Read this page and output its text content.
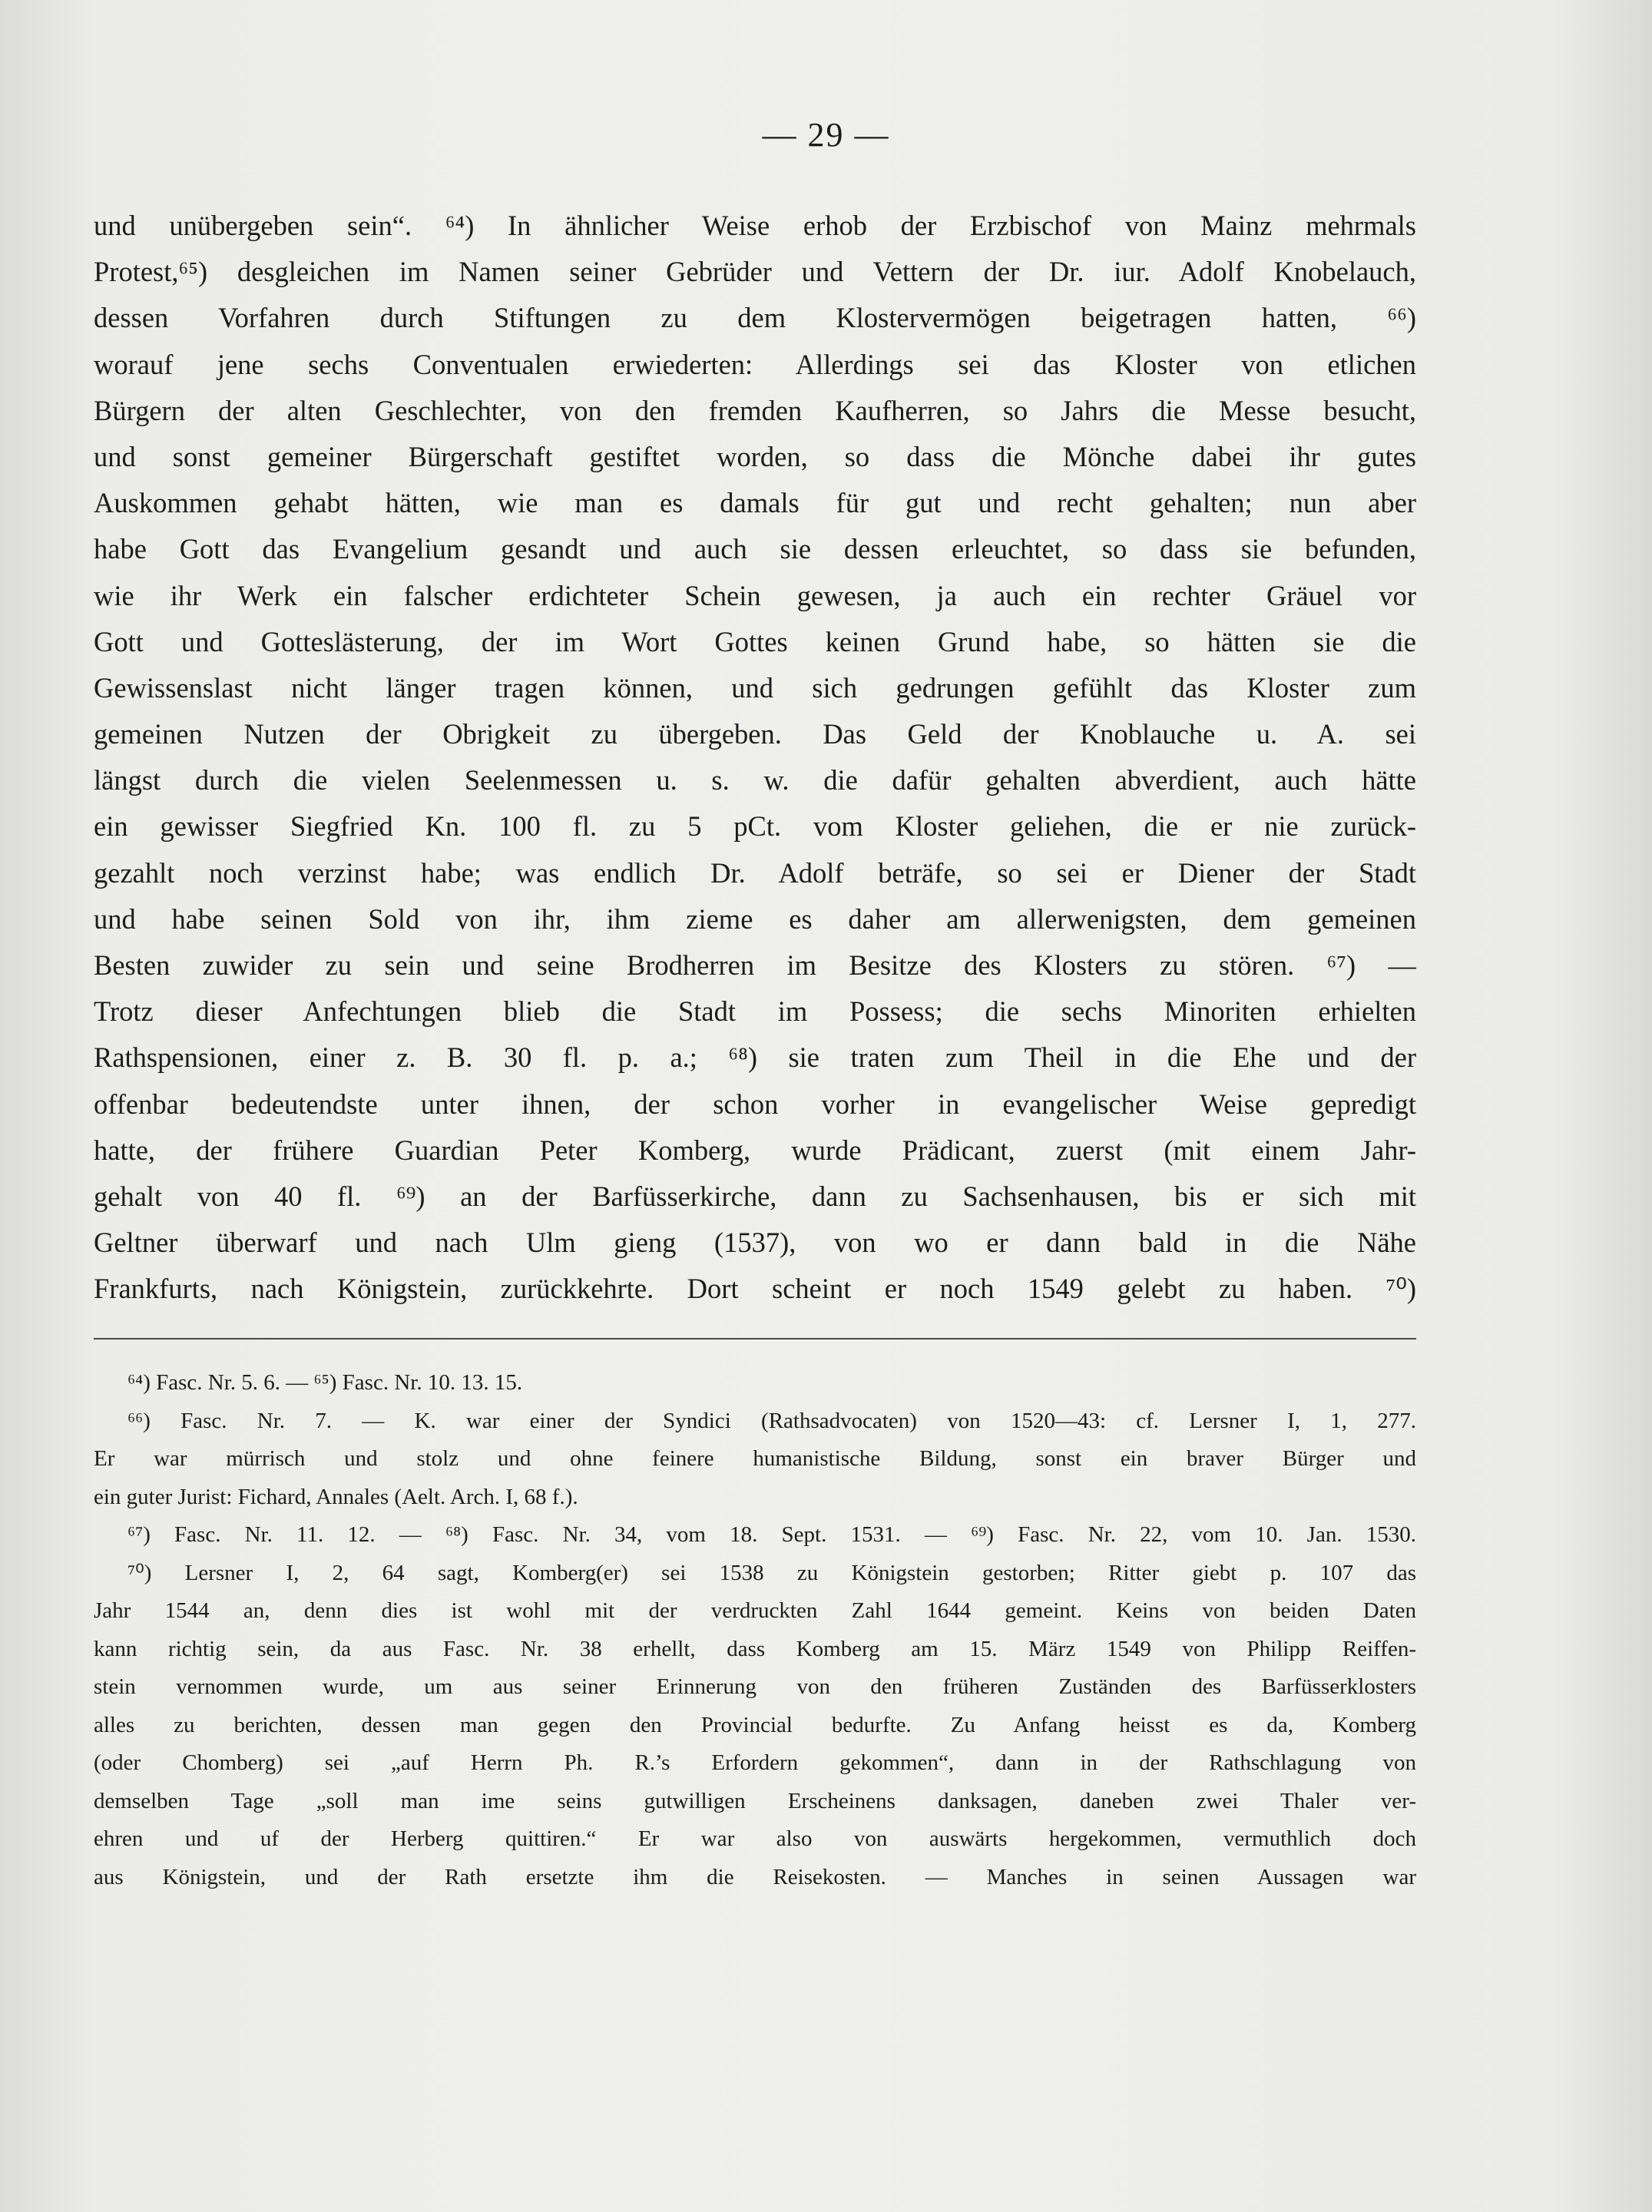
— 29 —
und unübergeben sein“. ⁶⁴) In ähnlicher Weise erhob der Erzbischof von Mainz mehrmals
Protest,⁶⁵) desgleichen im Namen seiner Gebrüder und Vettern der Dr. iur. Adolf Knobelauch,
dessen Vorfahren durch Stiftungen zu dem Klostervermögen beigetragen hatten, ⁶⁶)
worauf jene sechs Conventualen erwiederten: Allerdings sei das Kloster von etlichen
Bürgern der alten Geschlechter, von den fremden Kaufherren, so Jahrs die Messe besucht,
und sonst gemeiner Bürgerschaft gestiftet worden, so dass die Mönche dabei ihr gutes
Auskommen gehabt hätten, wie man es damals für gut und recht gehalten; nun aber
habe Gott das Evangelium gesandt und auch sie dessen erleuchtet, so dass sie befunden,
wie ihr Werk ein falscher erdichteter Schein gewesen, ja auch ein rechter Gräuel vor
Gott und Gotteslästerung, der im Wort Gottes keinen Grund habe, so hätten sie die
Gewissenslast nicht länger tragen können, und sich gedrungen gefühlt das Kloster zum
gemeinen Nutzen der Obrigkeit zu übergeben. Das Geld der Knoblauche u. A. sei
längst durch die vielen Seelenmessen u. s. w. die dafür gehalten abverdient, auch hätte
ein gewisser Siegfried Kn. 100 fl. zu 5 pCt. vom Kloster geliehen, die er nie zurück-
gezahlt noch verzinst habe; was endlich Dr. Adolf beträfe, so sei er Diener der Stadt
und habe seinen Sold von ihr, ihm zieme es daher am allerwenigsten, dem gemeinen
Besten zuwider zu sein und seine Brodherren im Besitze des Klosters zu stören. ⁶⁷) —
Trotz dieser Anfechtungen blieb die Stadt im Possess; die sechs Minoriten erhielten
Rathspensionen, einer z. B. 30 fl. p. a.; ⁶⁸) sie traten zum Theil in die Ehe und der
offenbar bedeutendste unter ihnen, der schon vorher in evangelischer Weise gepredigt
hatte, der frühere Guardian Peter Komberg, wurde Prädicant, zuerst (mit einem Jahr-
gehalt von 40 fl. ⁶⁹) an der Barfüsserkirche, dann zu Sachsenhausen, bis er sich mit
Geltner überwarf und nach Ulm gieng (1537), von wo er dann bald in die Nähe
Frankfurts, nach Königstein, zurückkehrte. Dort scheint er noch 1549 gelebt zu haben. ⁷⁰)
⁶⁴) Fasc. Nr. 5. 6. — ⁶⁵) Fasc. Nr. 10. 13. 15.
⁶⁶) Fasc. Nr. 7. — K. war einer der Syndici (Rathsadvocaten) von 1520—43: cf. Lersner I, 1, 277.
Er war mürrisch und stolz und ohne feinere humanistische Bildung, sonst ein braver Bürger und
ein guter Jurist: Fichard, Annales (Aelt. Arch. I, 68 f.).
⁶⁷) Fasc. Nr. 11. 12. — ⁶⁸) Fasc. Nr. 34, vom 18. Sept. 1531. — ⁶⁹) Fasc. Nr. 22, vom 10. Jan. 1530.
⁷⁰) Lersner I, 2, 64 sagt, Komberg(er) sei 1538 zu Königstein gestorben; Ritter giebt p. 107 das
Jahr 1544 an, denn dies ist wohl mit der verdruckten Zahl 1644 gemeint. Keins von beiden Daten
kann richtig sein, da aus Fasc. Nr. 38 erhellt, dass Komberg am 15. März 1549 von Philipp Reiffen-
stein vernommen wurde, um aus seiner Erinnerung von den früheren Zuständen des Barfüsserklosters
alles zu berichten, dessen man gegen den Provincial bedurfte. Zu Anfang heisst es da, Komberg
(oder Chomberg) sei „auf Herrn Ph. R.’s Erfordern gekommen“, dann in der Rathschlagung von
demselben Tage „soll man ime seins gutwilligen Erscheinens danksagen, daneben zwei Thaler ver-
ehren und uf der Herberg quittiren.“ Er war also von auswärts hergekommen, vermuthlich doch
aus Königstein, und der Rath ersetzte ihm die Reisekosten. — Manches in seinen Aussagen war
